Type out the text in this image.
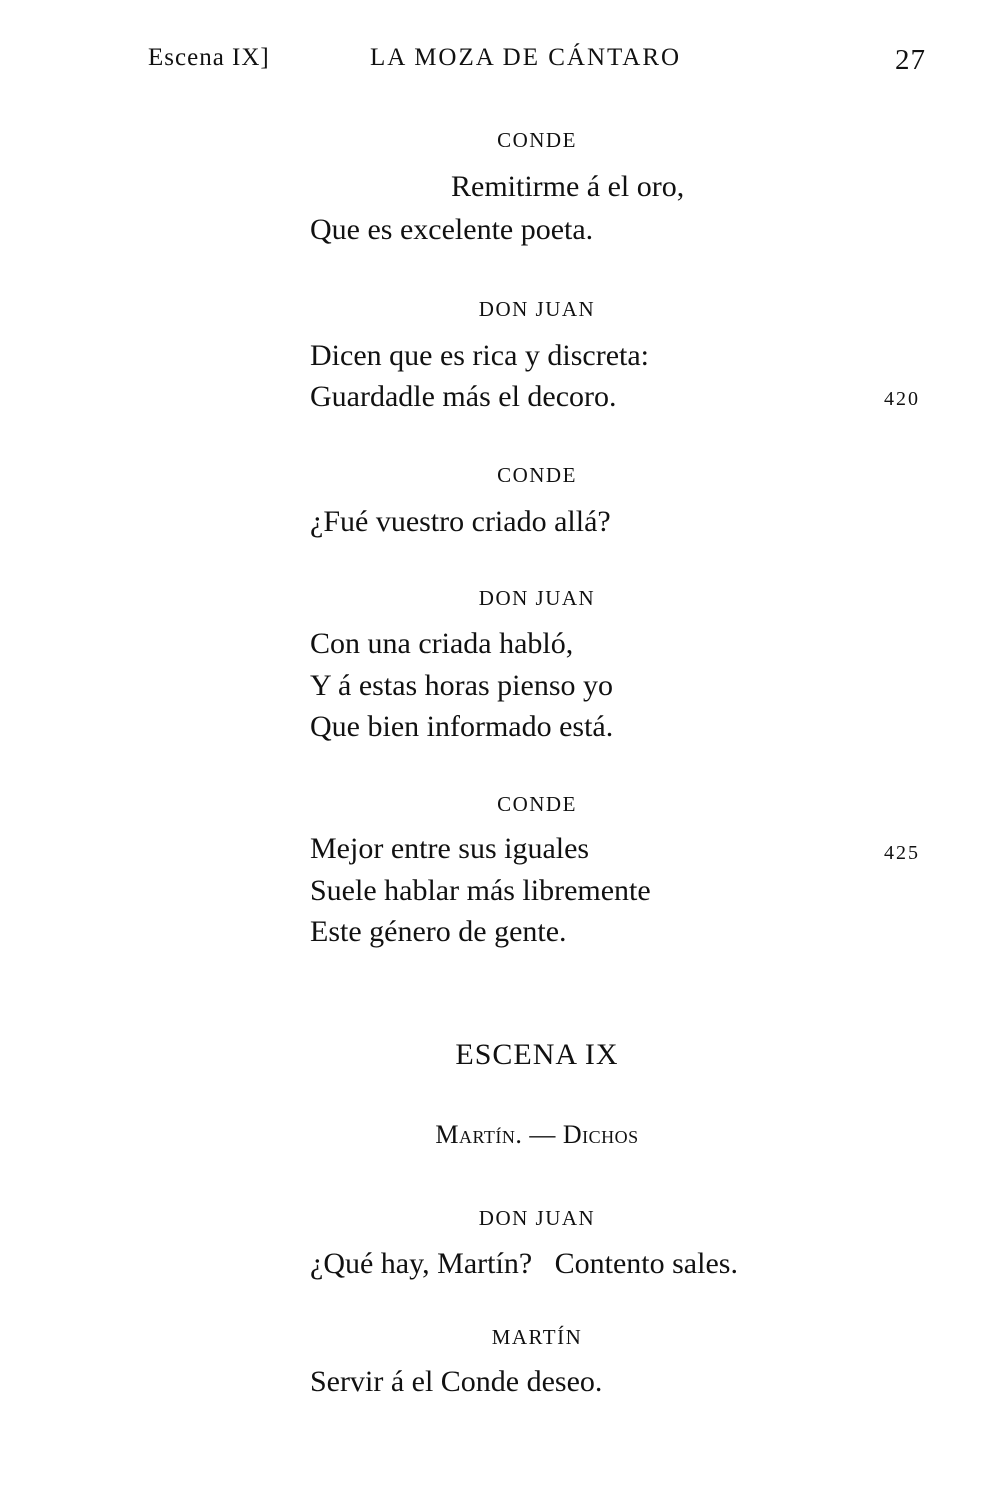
Escena IX]	LA MOZA DE CÁNTARO	27
CONDE
Remitirme á el oro,
Que es excelente poeta.
DON JUAN
Dicen que es rica y discreta:
Guardadle más el decoro.	420
CONDE
¿Fué vuestro criado allá?
DON JUAN
Con una criada habló,
Y á estas horas pienso yo
Que bien informado está.
CONDE
Mejor entre sus iguales	425
Suele hablar más libremente
Este género de gente.
ESCENA IX
Martín. — Dichos
DON JUAN
¿Qué hay, Martín?   Contento sales.
MARTÍN
Servir á el Conde deseo.
